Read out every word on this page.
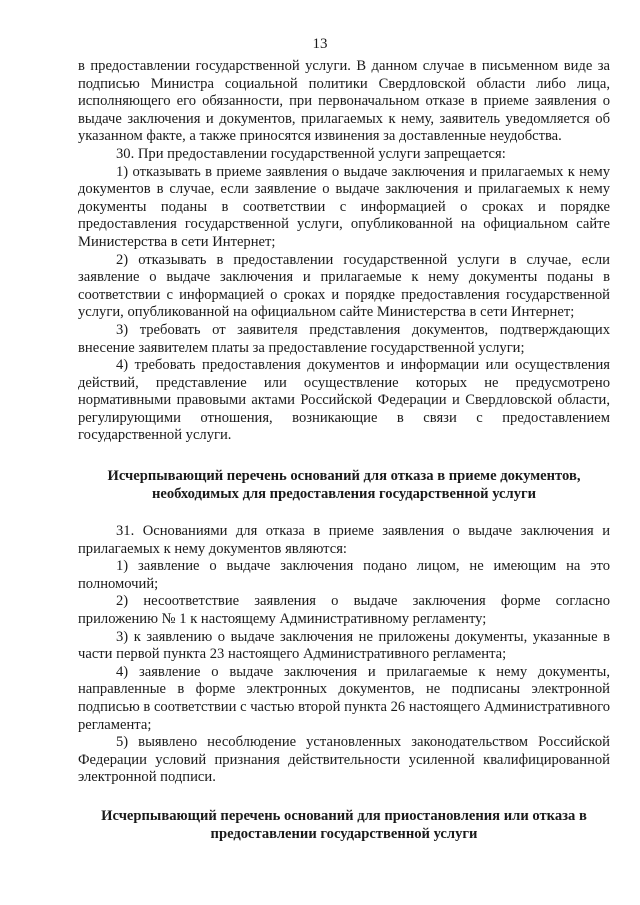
13

в предоставлении государственной услуги. В данном случае в письменном виде за подписью Министра социальной политики Свердловской области либо лица, исполняющего его обязанности, при первоначальном отказе в приеме заявления о выдаче заключения и документов, прилагаемых к нему, заявитель уведомляется об указанном факте, а также приносятся извинения за доставленные неудобства.

30. При предоставлении государственной услуги запрещается:

1) отказывать в приеме заявления о выдаче заключения и прилагаемых к нему документов в случае, если заявление о выдаче заключения и прилагаемых к нему документы поданы в соответствии с информацией о сроках и порядке предоставления государственной услуги, опубликованной на официальном сайте Министерства в сети Интернет;

2) отказывать в предоставлении государственной услуги в случае, если заявление о выдаче заключения и прилагаемые к нему документы поданы в соответствии с информацией о сроках и порядке предоставления государственной услуги, опубликованной на официальном сайте Министерства в сети Интернет;

3) требовать от заявителя представления документов, подтверждающих внесение заявителем платы за предоставление государственной услуги;

4) требовать предоставления документов и информации или осуществления действий, представление или осуществление которых не предусмотрено нормативными правовыми актами Российской Федерации и Свердловской области, регулирующими отношения, возникающие в связи с предоставлением государственной услуги.

Исчерпывающий перечень оснований для отказа в приеме документов, необходимых для предоставления государственной услуги

31. Основаниями для отказа в приеме заявления о выдаче заключения и прилагаемых к нему документов являются:

1) заявление о выдаче заключения подано лицом, не имеющим на это полномочий;

2) несоответствие заявления о выдаче заключения форме согласно приложению № 1 к настоящему Административному регламенту;

3) к заявлению о выдаче заключения не приложены документы, указанные в части первой пункта 23 настоящего Административного регламента;

4) заявление о выдаче заключения и прилагаемые к нему документы, направленные в форме электронных документов, не подписаны электронной подписью в соответствии с частью второй пункта 26 настоящего Административного регламента;

5) выявлено несоблюдение установленных законодательством Российской Федерации условий признания действительности усиленной квалифицированной электронной подписи.

Исчерпывающий перечень оснований для приостановления или отказа в предоставлении государственной услуги
